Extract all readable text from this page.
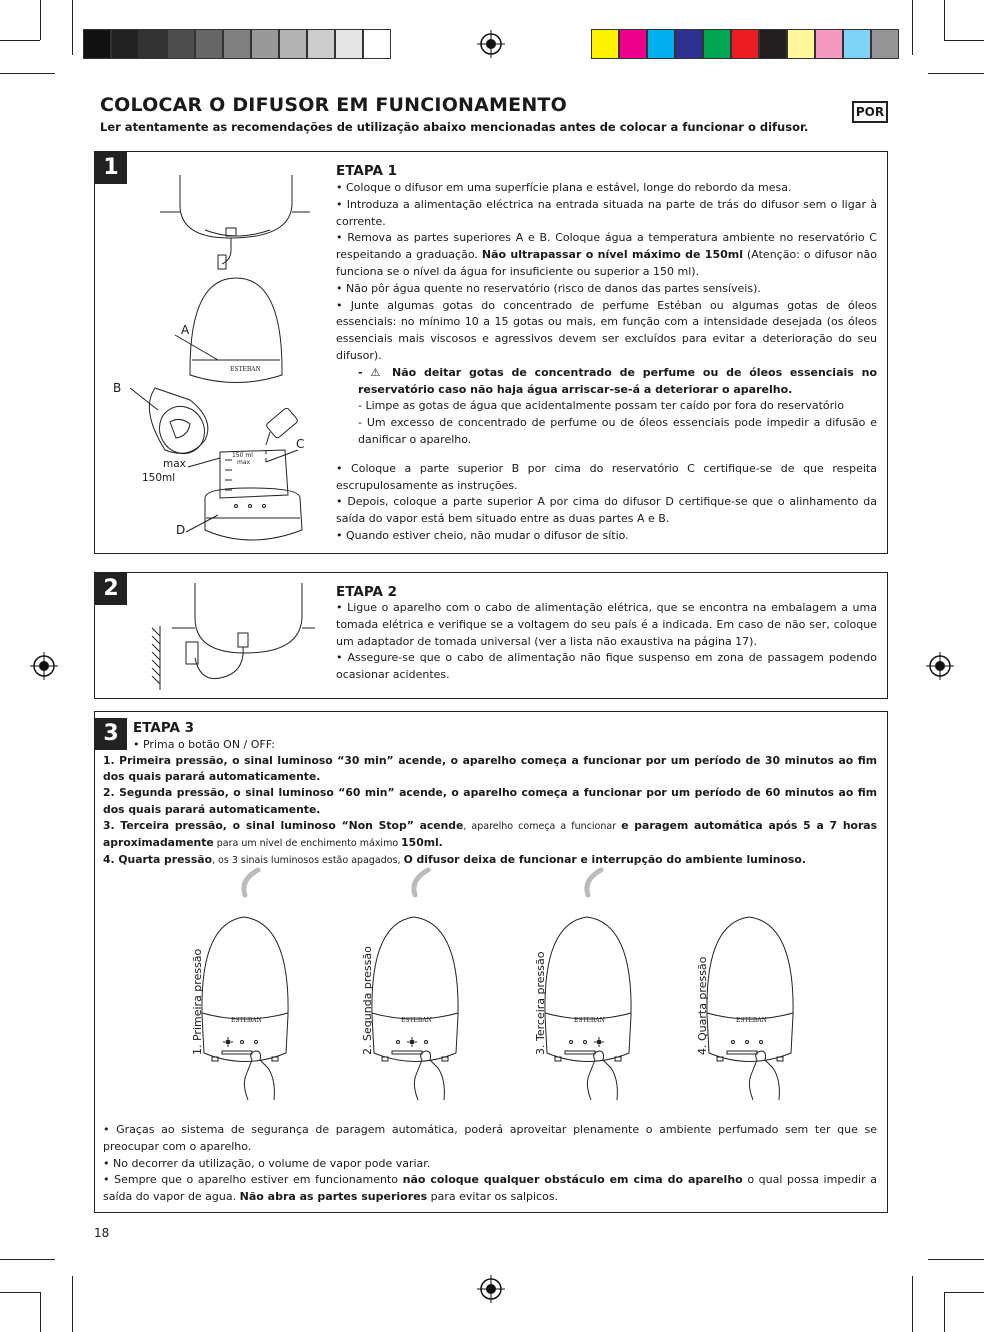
COLOCAR O DIFUSOR EM FUNCIONAMENTO
Ler atentamente as recomendações de utilização abaixo mencionadas antes de colocar a funcionar o difusor.
POR
1
A
B
C
D
max
150ml
150 ml
max
ESTEBAN
ETAPA 1

• Coloque o difusor em uma superfície plana e estável, longe do rebordo da mesa.

• Introduza a alimentação eléctrica na entrada situada na parte de trás do difusor sem o ligar à corrente.

• Remova as partes superiores A e B. Coloque água a temperatura ambiente no reservatório C respeitando a graduação. Não ultrapassar o nível máximo de 150ml (Atenção: o difusor não funciona se o nível da água for insuficiente ou superior a 150 ml).

• Não pôr água quente no reservatório (risco de danos das partes sensíveis).

• Junte algumas gotas do concentrado de perfume Estéban ou algumas gotas de óleos essenciais: no mínimo 10 a 15 gotas ou mais, em função com a intensidade desejada (os óleos essenciais mais viscosos e agressivos devem ser excluídos para evitar a deterioração do seu difusor).

- ⚠ Não deitar gotas de concentrado de perfume ou de óleos essenciais no reservatório caso não haja água arriscar-se-á a deteriorar o aparelho.

- Limpe as gotas de água que acidentalmente possam ter caído por fora do reservatório

- Um excesso de concentrado de perfume ou de óleos essenciais pode impedir a difusão e danificar o aparelho.

• Coloque a parte superior B por cima do reservatório C certifique-se de que respeita escrupulosamente as instruções.

• Depois, coloque a parte superior A por cima do difusor D certifique-se que o alinhamento da saída do vapor está bem situado entre as duas partes A e B.

• Quando estiver cheio, não mudar o difusor de sítio.

2	ETAPA 2

• Ligue o aparelho com o cabo de alimentação elétrica, que se encontra na embalagem a uma tomada elétrica e verifique se a voltagem do seu país é a indicada. Em caso de não ser, coloque um adaptador de tomada universal (ver a lista não exaustiva na página 17).

• Assegure-se que o cabo de alimentação não fique suspenso em zona de passagem podendo ocasionar acidentes.

3	ETAPA 3
• Prima o botão ON / OFF:

1. Primeira pressão, o sinal luminoso “30 min” acende, o aparelho começa a funcionar por um período de 30 minutos ao fim dos quais parará automaticamente.

2. Segunda pressão, o sinal luminoso “60 min” acende, o aparelho começa a funcionar por um período de 60 minutos ao fim dos quais parará automaticamente.

3. Terceira pressão, o sinal luminoso “Non Stop” acende, aparelho começa a funcionar e paragem automática após 5 a 7 horas aproximadamente para um nível de enchimento máximo 150ml.

4. Quarta pressão, os 3 sinais luminosos estão apagados, O difusor deixa de funcionar e interrupção do ambiente luminoso.

ESTEBAN
1. Primeira pressão	ESTEBAN
2. Segunda pressão	ESTEBAN
3. Terceira pressão	ESTEBAN
4. Quarta pressão

• Graças ao sistema de segurança de paragem automática, poderá aproveitar plenamente o ambiente perfumado sem ter que se preocupar com o aparelho.

• No decorrer da utilização, o volume de vapor pode variar.

• Sempre que o aparelho estiver em funcionamento não coloque qualquer obstáculo em cima do aparelho o qual possa impedir a saída do vapor de agua. Não abra as partes superiores para evitar os salpicos.

18
